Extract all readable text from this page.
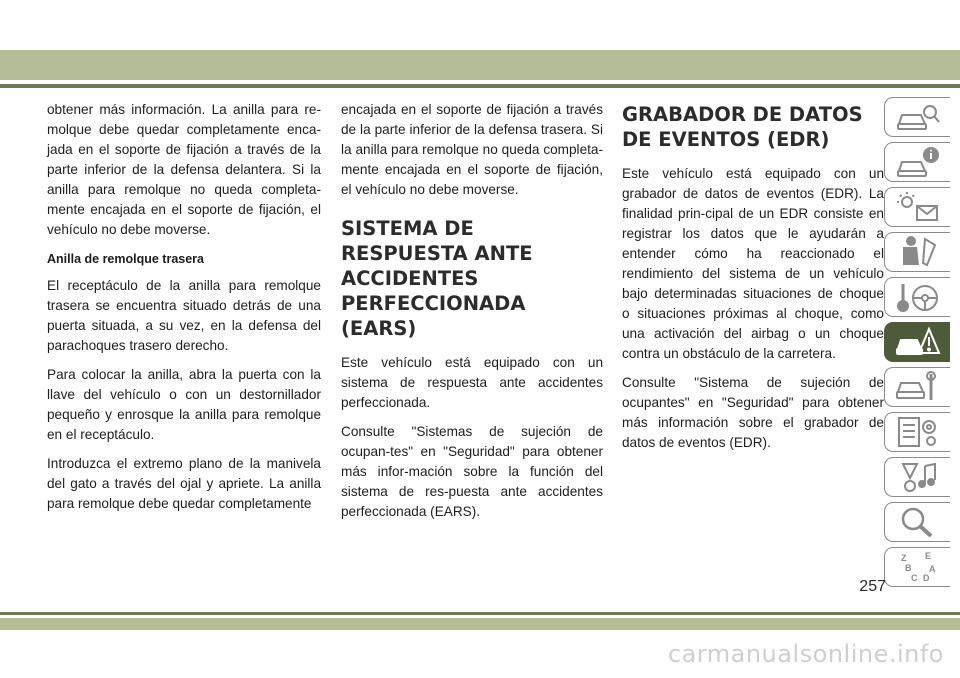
obtener más información. La anilla para re-molque debe quedar completamente enca-jada en el soporte de fijación a través de la parte inferior de la defensa delantera. Si la anilla para remolque no queda completa-mente encajada en el soporte de fijación, el vehículo no debe moverse.

Anilla de remolque trasera

El receptáculo de la anilla para remolque trasera se encuentra situado detrás de una puerta situada, a su vez, en la defensa del parachoques trasero derecho.

Para colocar la anilla, abra la puerta con la llave del vehículo o con un destornillador pequeño y enrosque la anilla para remolque en el receptáculo.

Introduzca el extremo plano de la manivela del gato a través del ojal y apriete. La anilla para remolque debe quedar completamente

encajada en el soporte de fijación a través de la parte inferior de la defensa trasera. Si la anilla para remolque no queda completa-mente encajada en el soporte de fijación, el vehículo no debe moverse.

SISTEMA DE RESPUESTA ANTE ACCIDENTES PERFECCIONADA (EARS)

Este vehículo está equipado con un sistema de respuesta ante accidentes perfeccionada.

Consulte "Sistemas de sujeción de ocupan-tes" en "Seguridad" para obtener más infor-mación sobre la función del sistema de res-puesta ante accidentes perfeccionada (EARS).

GRABADOR DE DATOS DE EVENTOS (EDR)

Este vehículo está equipado con un grabador de datos de eventos (EDR). La finalidad prin-cipal de un EDR consiste en registrar los datos que le ayudarán a entender cómo ha reaccionado el rendimiento del sistema de un vehículo bajo determinadas situaciones de choque o situaciones próximas al choque, como una activación del airbag o un choque contra un obstáculo de la carretera.

Consulte "Sistema de sujeción de ocupantes" en "Seguridad" para obtener más información sobre el grabador de datos de eventos (EDR).

Z E
B A
C D
257
carmanualsonline.info
